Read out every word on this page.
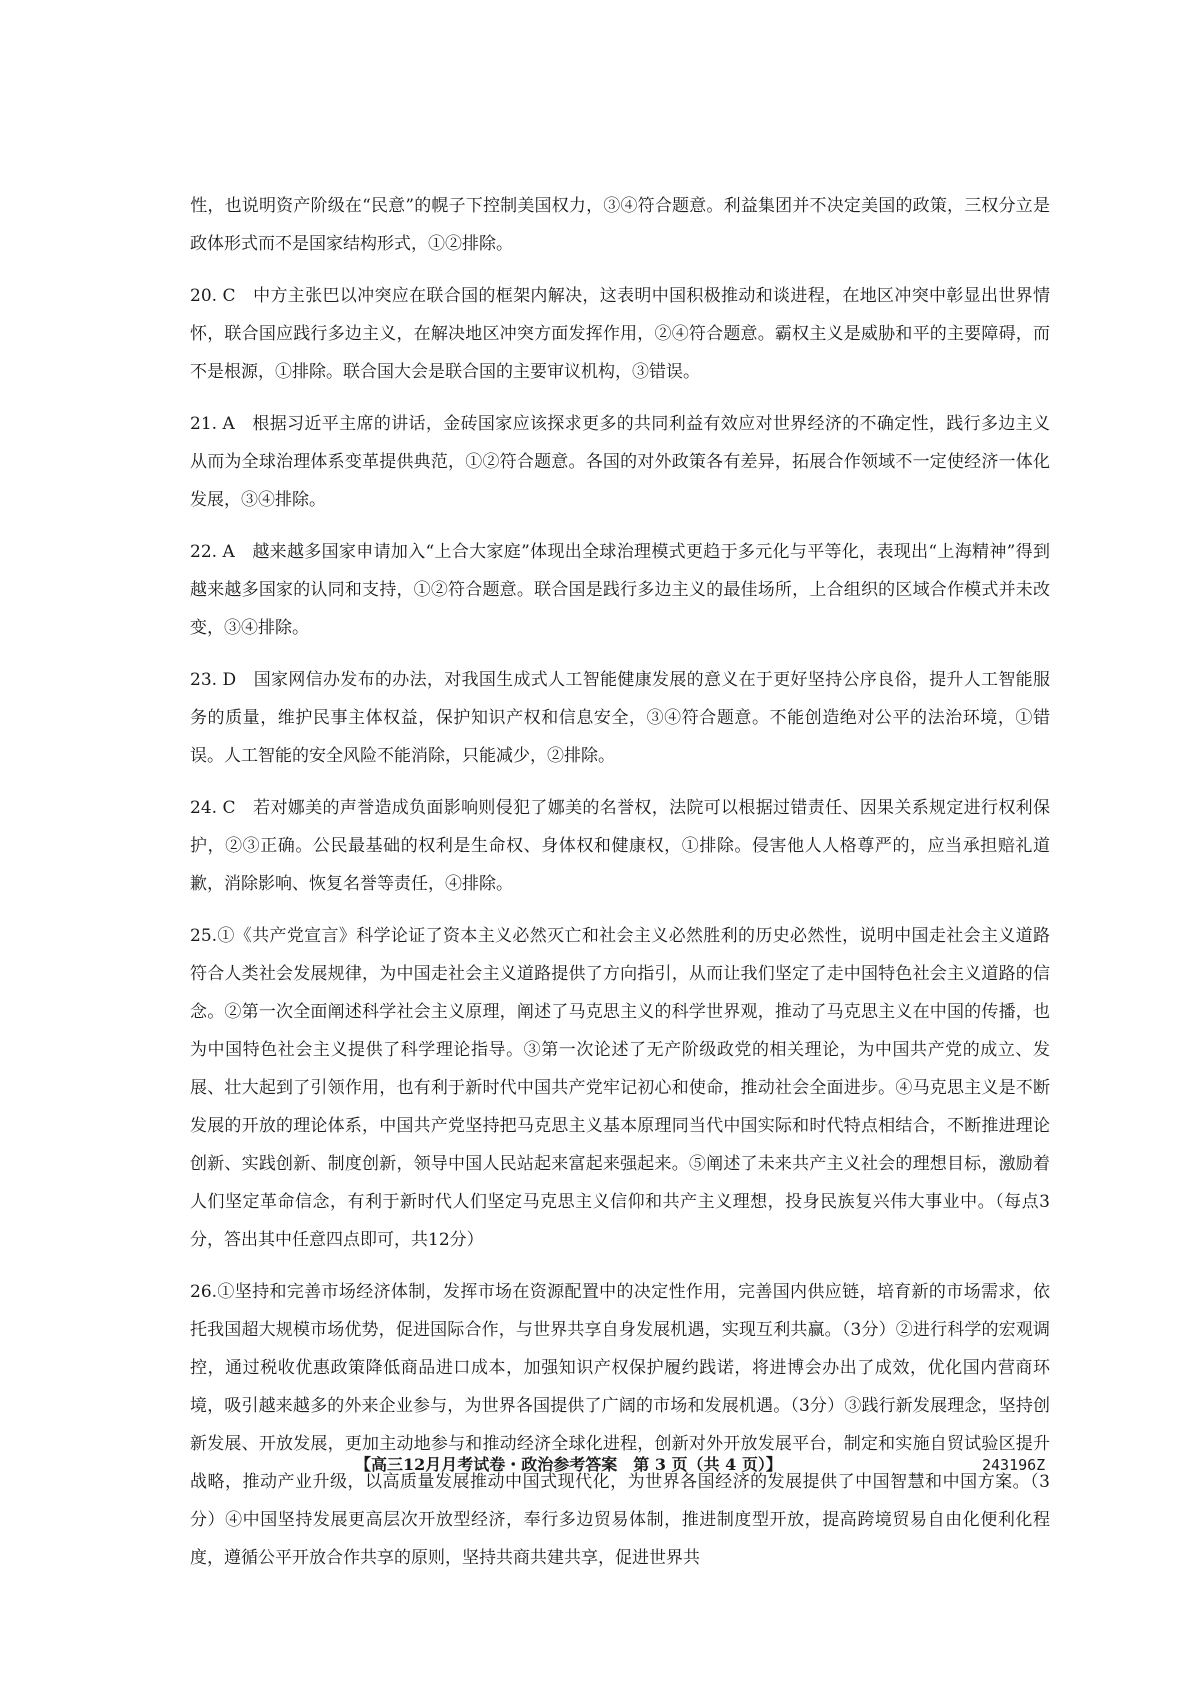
性，也说明资产阶级在“民意”的幌子下控制美国权力，③④符合题意。利益集团并不决定美国的政策，三权分立是政体形式而不是国家结构形式，①②排除。

20. C　 中方主张巴以冲突应在联合国的框架内解决，这表明中国积极推动和谈进程，在地区冲突中彰显出世界情怀，联合国应践行多边主义，在解决地区冲突方面发挥作用，②④符合题意。霸权主义是威胁和平的主要障碍，而不是根源，①排除。联合国大会是联合国的主要审议机构，③错误。

21. A　 根据习近平主席的讲话，金砖国家应该探求更多的共同利益有效应对世界经济的不确定性，践行多边主义从而为全球治理体系变革提供典范，①②符合题意。各国的对外政策各有差异，拓展合作领域不一定使经济一体化发展，③④排除。

22. A　 越来越多国家申请加入“上合大家庭”体现出全球治理模式更趋于多元化与平等化，表现出“上海精神”得到越来越多国家的认同和支持，①②符合题意。联合国是践行多边主义的最佳场所，上合组织的区域合作模式并未改变，③④排除。

23. D　 国家网信办发布的办法，对我国生成式人工智能健康发展的意义在于更好坚持公序良俗，提升人工智能服务的质量，维护民事主体权益，保护知识产权和信息安全，③④符合题意。不能创造绝对公平的法治环境，①错误。人工智能的安全风险不能消除，只能减少，②排除。

24. C　 若对娜美的声誉造成负面影响则侵犯了娜美的名誉权，法院可以根据过错责任、因果关系规定进行权利保护，②③正确。公民最基础的权利是生命权、身体权和健康权，①排除。侵害他人人格尊严的，应当承担赔礼道歉，消除影响、恢复名誉等责任，④排除。

25.①《共产党宣言》科学论证了资本主义必然灭亡和社会主义必然胜利的历史必然性，说明中国走社会主义道路符合人类社会发展规律，为中国走社会主义道路提供了方向指引，从而让我们坚定了走中国特色社会主义道路的信念。②第一次全面阐述科学社会主义原理，阐述了马克思主义的科学世界观，推动了马克思主义在中国的传播，也为中国特色社会主义提供了科学理论指导。③第一次论述了无产阶级政党的相关理论，为中国共产党的成立、发展、壮大起到了引领作用，也有利于新时代中国共产党牢记初心和使命，推动社会全面进步。④马克思主义是不断发展的开放的理论体系，中国共产党坚持把马克思主义基本原理同当代中国实际和时代特点相结合，不断推进理论创新、实践创新、制度创新，领导中国人民站起来富起来强起来。⑤阐述了未来共产主义社会的理想目标，激励着人们坚定革命信念，有利于新时代人们坚定马克思主义信仰和共产主义理想，投身民族复兴伟大事业中。（每点3分，答出其中任意四点即可，共12分）

26.①坚持和完善市场经济体制，发挥市场在资源配置中的决定性作用，完善国内供应链，培育新的市场需求，依托我国超大规模市场优势，促进国际合作，与世界共享自身发展机遇，实现互利共赢。（3分）②进行科学的宏观调控，通过税收优惠政策降低商品进口成本，加强知识产权保护履约践诺，将进博会办出了成效，优化国内营商环境，吸引越来越多的外来企业参与，为世界各国提供了广阔的市场和发展机遇。（3分）③践行新发展理念，坚持创新发展、开放发展，更加主动地参与和推动经济全球化进程，创新对外开放发展平台，制定和实施自贸试验区提升战略，推动产业升级，以高质量发展推动中国式现代化，为世界各国经济的发展提供了中国智慧和中国方案。（3分）④中国坚持发展更高层次开放型经济，奉行多边贸易体制，推进制度型开放，提高跨境贸易自由化便利化程度，遵循公平开放合作共享的原则，坚持共商共建共享，促进世界共

【高三12月月考试卷・政治参考答案　第 3 页（共 4 页）】	243196Z
